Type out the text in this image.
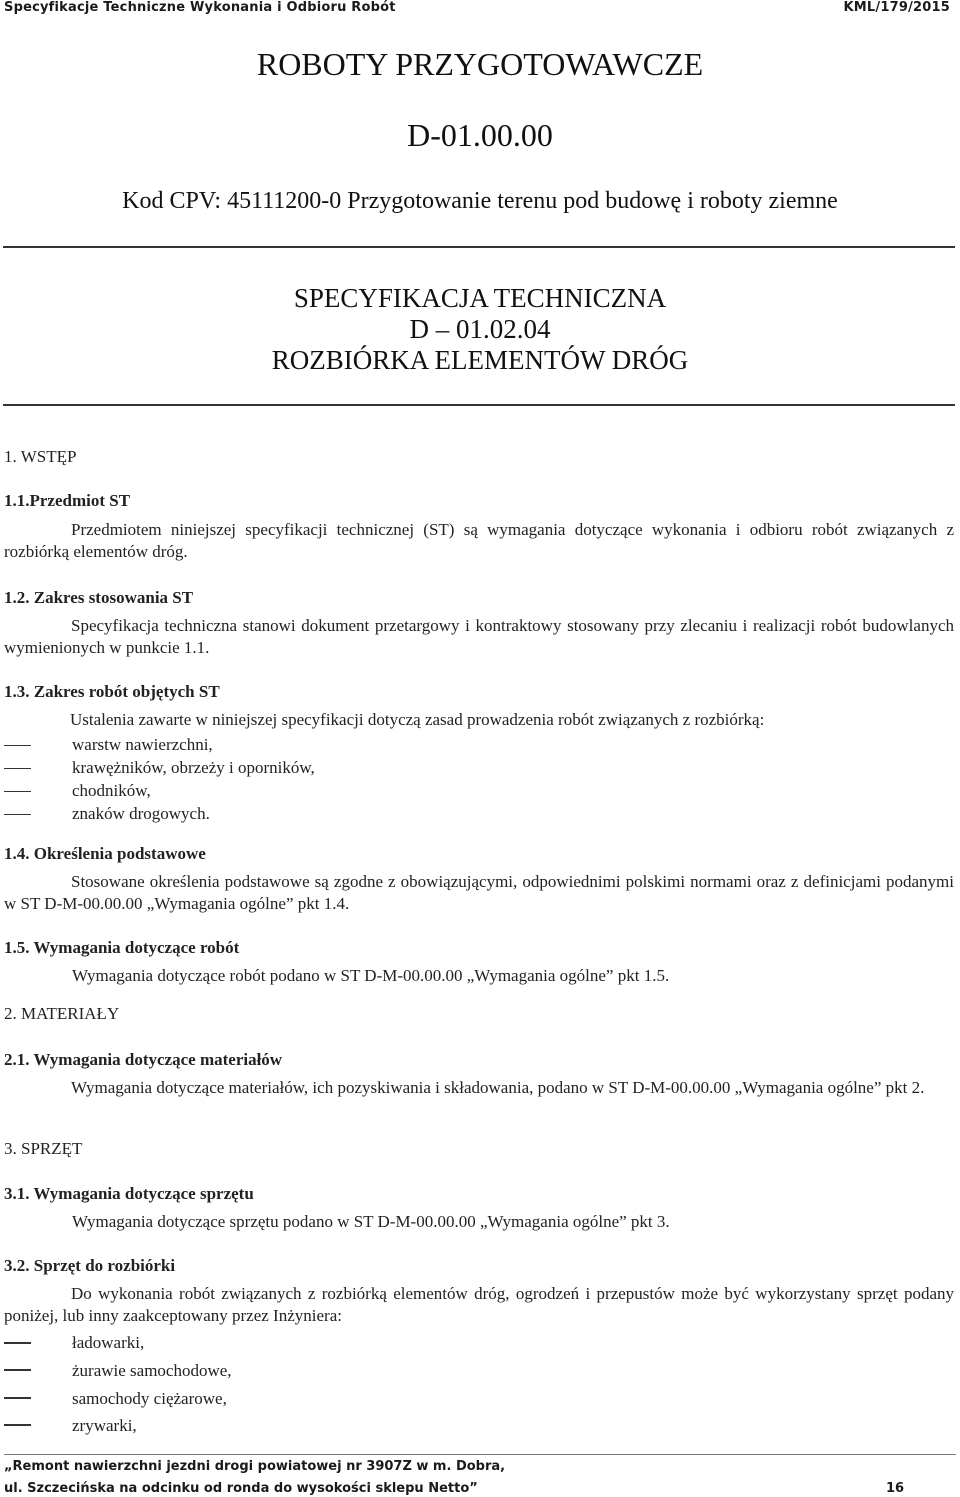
Specyfikacje Techniczne Wykonania i Odbioru Robót	KML/179/2015
ROBOTY PRZYGOTOWAWCZE
D-01.00.00
Kod CPV: 45111200-0 Przygotowanie terenu pod budowę i roboty ziemne
SPECYFIKACJA TECHNICZNA
D – 01.02.04
ROZBIÓRKA ELEMENTÓW DRÓG
1. WSTĘP
1.1.Przedmiot ST
Przedmiotem niniejszej specyfikacji technicznej (ST) są wymagania dotyczące wykonania i odbioru robót związanych z rozbiórką elementów dróg.
1.2. Zakres stosowania ST
Specyfikacja techniczna stanowi dokument przetargowy i kontraktowy stosowany przy zlecaniu i realizacji robót budowlanych wymienionych w punkcie 1.1.
1.3. Zakres robót objętych ST
Ustalenia zawarte w niniejszej specyfikacji dotyczą zasad prowadzenia robót związanych z rozbiórką:
warstw nawierzchni,
krawężników, obrzeży i oporników,
chodników,
znaków drogowych.
1.4. Określenia podstawowe
Stosowane określenia podstawowe są zgodne z obowiązującymi, odpowiednimi polskimi normami oraz z definicjami podanymi w ST D-M-00.00.00 „Wymagania ogólne” pkt 1.4.
1.5. Wymagania dotyczące robót
Wymagania dotyczące robót podano w ST D-M-00.00.00 „Wymagania ogólne” pkt 1.5.
2. MATERIAŁY
2.1. Wymagania dotyczące materiałów
Wymagania dotyczące materiałów, ich pozyskiwania i składowania, podano w ST D-M-00.00.00 „Wymagania ogólne” pkt 2.
3. SPRZĘT
3.1. Wymagania dotyczące sprzętu
Wymagania dotyczące sprzętu podano w ST D-M-00.00.00 „Wymagania ogólne” pkt 3.
3.2. Sprzęt do rozbiórki
Do wykonania robót związanych z rozbiórką elementów dróg, ogrodzeń i przepustów może być wykorzystany sprzęt podany poniżej, lub inny zaakceptowany przez Inżyniera:
ładowarki,
żurawie samochodowe,
samochody ciężarowe,
zrywarki,
„Remont nawierzchni jezdni drogi powiatowej nr 3907Z w m. Dobra,
ul. Szczecińska na odcinku od ronda do wysokości sklepu Netto”	16
